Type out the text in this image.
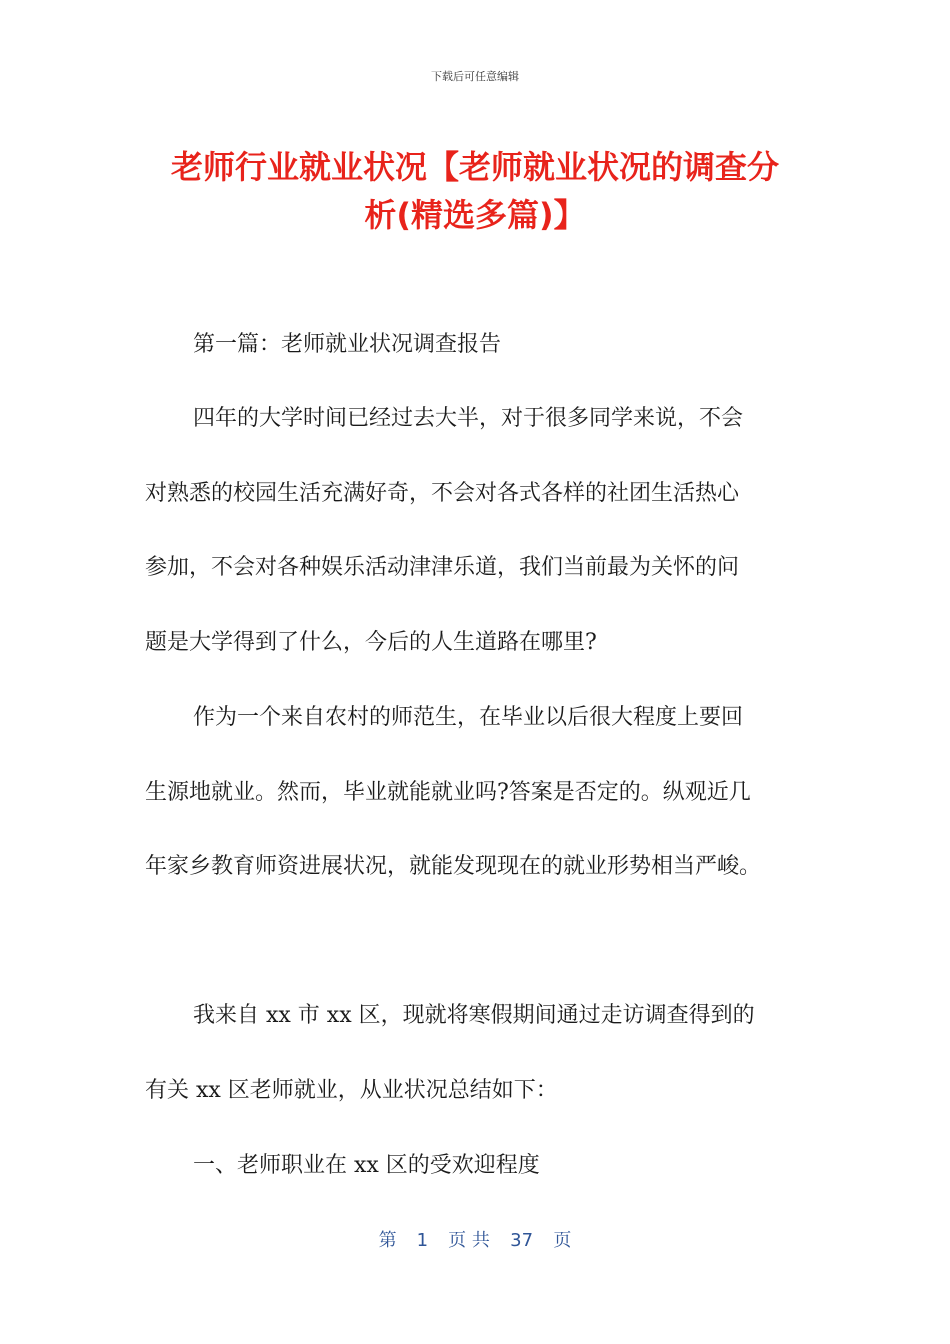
下载后可任意编辑
老师行业就业状况【老师就业状况的调查分
析(精选多篇)】
第一篇：老师就业状况调查报告
四年的大学时间已经过去大半，对于很多同学来说，不会
对熟悉的校园生活充满好奇，不会对各式各样的社团生活热心
参加，不会对各种娱乐活动津津乐道，我们当前最为关怀的问
题是大学得到了什么，今后的人生道路在哪里?
作为一个来自农村的师范生，在毕业以后很大程度上要回
生源地就业。然而，毕业就能就业吗?答案是否定的。纵观近几
年家乡教育师资进展状况，就能发现现在的就业形势相当严峻。
我来自 xx 市 xx 区，现就将寒假期间通过走访调查得到的
有关 xx 区老师就业，从业状况总结如下：
一、老师职业在 xx 区的受欢迎程度
第 1 页 共 37 页
